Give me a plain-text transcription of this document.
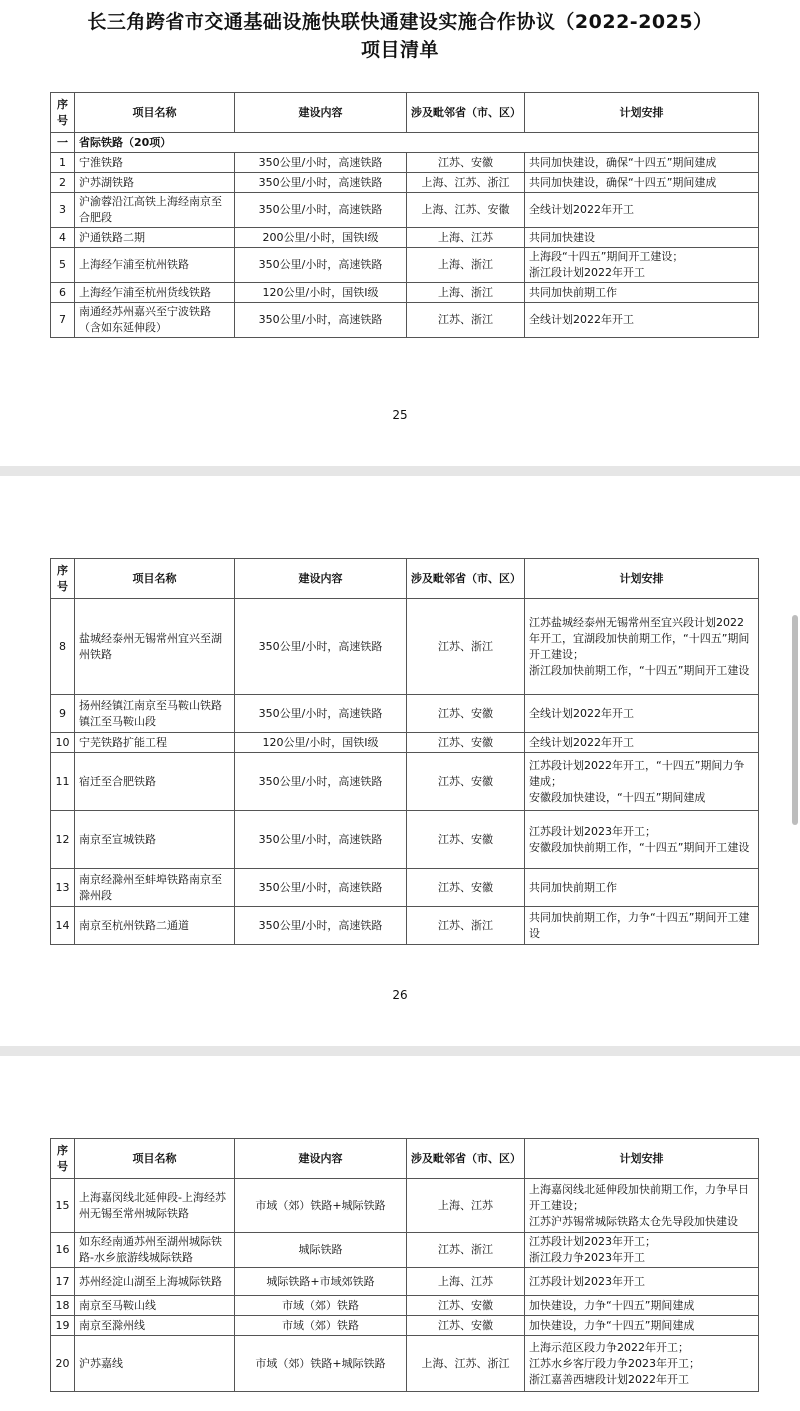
长三角跨省市交通基础设施快联快通建设实施合作协议（2022-2025）
项目清单
序号	项目名称	建设内容	涉及毗邻省（市、区）	计划安排
一	省际铁路（20项）			
1	宁淮铁路	350公里/小时，高速铁路	江苏、安徽	共同加快建设，确保“十四五”期间建成
2	沪苏湖铁路	350公里/小时，高速铁路	上海、江苏、浙江	共同加快建设，确保“十四五”期间建成
3	沪渝蓉沿江高铁上海经南京至合肥段	350公里/小时，高速铁路	上海、江苏、安徽	全线计划2022年开工
4	沪通铁路二期	200公里/小时，国铁I级	上海、江苏	共同加快建设
5	上海经乍浦至杭州铁路	350公里/小时，高速铁路	上海、浙江	上海段“十四五”期间开工建设；
浙江段计划2022年开工
6	上海经乍浦至杭州货线铁路	120公里/小时，国铁I级	上海、浙江	共同加快前期工作
7	南通经苏州嘉兴至宁波铁路（含如东延伸段）	350公里/小时，高速铁路	江苏、浙江	全线计划2022年开工
25
序号	项目名称	建设内容	涉及毗邻省（市、区）	计划安排
8	盐城经泰州无锡常州宜兴至湖州铁路	350公里/小时，高速铁路	江苏、浙江	江苏盐城经泰州无锡常州至宜兴段计划2022年开工，宜湖段加快前期工作，“十四五”期间开工建设；
浙江段加快前期工作，“十四五”期间开工建设
9	扬州经镇江南京至马鞍山铁路镇江至马鞍山段	350公里/小时，高速铁路	江苏、安徽	全线计划2022年开工
10	宁芜铁路扩能工程	120公里/小时，国铁I级	江苏、安徽	全线计划2022年开工
11	宿迁至合肥铁路	350公里/小时，高速铁路	江苏、安徽	江苏段计划2022年开工，“十四五”期间力争建成；
安徽段加快建设，“十四五”期间建成
12	南京至宣城铁路	350公里/小时，高速铁路	江苏、安徽	江苏段计划2023年开工；
安徽段加快前期工作，“十四五”期间开工建设
13	南京经滁州至蚌埠铁路南京至滁州段	350公里/小时，高速铁路	江苏、安徽	共同加快前期工作
14	南京至杭州铁路二通道	350公里/小时，高速铁路	江苏、浙江	共同加快前期工作，力争“十四五”期间开工建设
26
序号	项目名称	建设内容	涉及毗邻省（市、区）	计划安排
15	上海嘉闵线北延伸段-上海经苏州无锡至常州城际铁路	市域（郊）铁路+城际铁路	上海、江苏	上海嘉闵线北延伸段加快前期工作，力争早日开工建设；
江苏沪苏锡常城际铁路太仓先导段加快建设
16	如东经南通苏州至湖州城际铁路-水乡旅游线城际铁路	城际铁路	江苏、浙江	江苏段计划2023年开工；
浙江段力争2023年开工
17	苏州经淀山湖至上海城际铁路	城际铁路+市域郊铁路	上海、江苏	江苏段计划2023年开工
18	南京至马鞍山线	市域（郊）铁路	江苏、安徽	加快建设，力争“十四五”期间建成
19	南京至滁州线	市域（郊）铁路	江苏、安徽	加快建设，力争“十四五”期间建成
20	沪苏嘉线	市域（郊）铁路+城际铁路	上海、江苏、浙江	上海示范区段力争2022年开工；
江苏水乡客厅段力争2023年开工；
浙江嘉善西塘段计划2022年开工
